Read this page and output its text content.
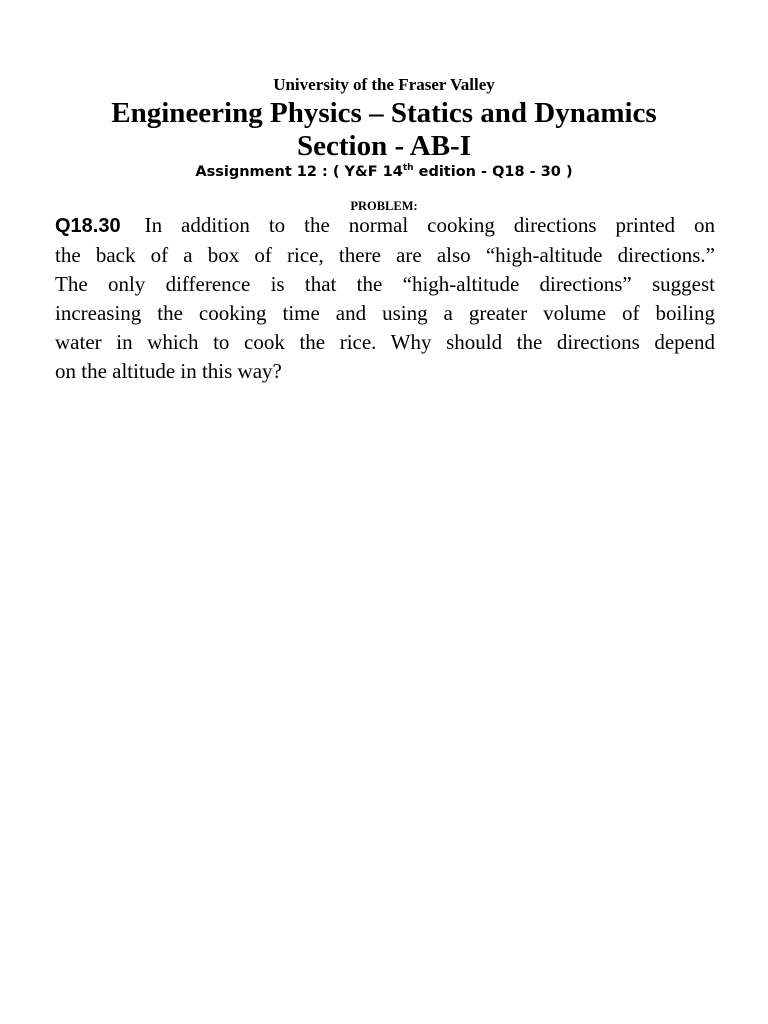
University of the Fraser Valley
Engineering Physics – Statics and Dynamics
Section - AB-I
Assignment 12 : ( Y&F 14th edition - Q18 - 30 )
PROBLEM:
Q18.30 In addition to the normal cooking directions printed on
the back of a box of rice, there are also “high-altitude directions.”
The only difference is that the “high-altitude directions” suggest
increasing the cooking time and using a greater volume of boiling
water in which to cook the rice. Why should the directions depend
on the altitude in this way?
